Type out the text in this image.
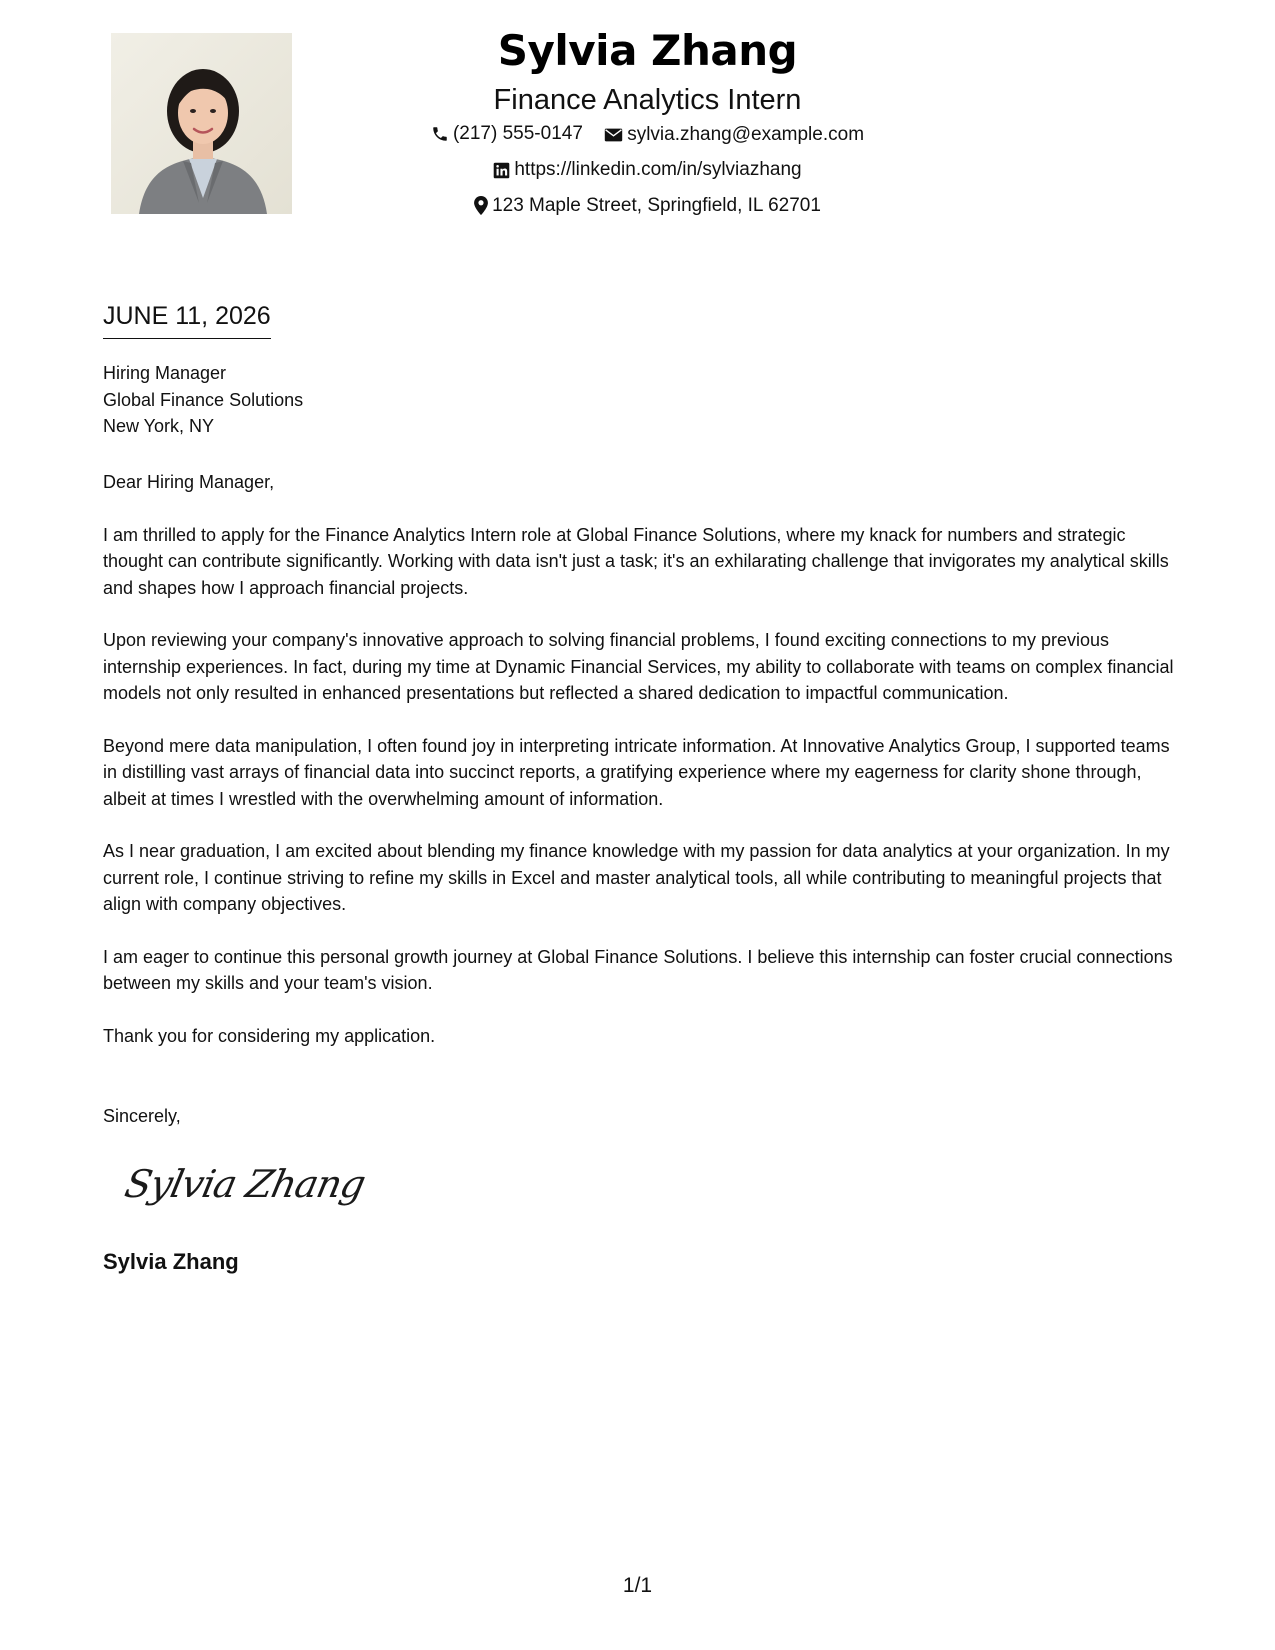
Sylvia Zhang
Finance Analytics Intern
(217) 555-0147
sylvia.zhang@example.com
https://linkedin.com/in/sylviazhang
123 Maple Street, Springfield, IL 62701
JUNE 11, 2026
Hiring Manager
Global Finance Solutions
New York, NY

Dear Hiring Manager,

I am thrilled to apply for the Finance Analytics Intern role at Global Finance Solutions, where my knack for numbers and strategic thought can contribute significantly. Working with data isn't just a task; it's an exhilarating challenge that invigorates my analytical skills and shapes how I approach financial projects.

Upon reviewing your company's innovative approach to solving financial problems, I found exciting connections to my previous internship experiences. In fact, during my time at Dynamic Financial Services, my ability to collaborate with teams on complex financial models not only resulted in enhanced presentations but reflected a shared dedication to impactful communication.

Beyond mere data manipulation, I often found joy in interpreting intricate information. At Innovative Analytics Group, I supported teams in distilling vast arrays of financial data into succinct reports, a gratifying experience where my eagerness for clarity shone through, albeit at times I wrestled with the overwhelming amount of information.

As I near graduation, I am excited about blending my finance knowledge with my passion for data analytics at your organization. In my current role, I continue striving to refine my skills in Excel and master analytical tools, all while contributing to meaningful projects that align with company objectives.

I am eager to continue this personal growth journey at Global Finance Solutions. I believe this internship can foster crucial connections between my skills and your team's vision.

Thank you for considering my application.

Sincerely,
Sylvia Zhang
Sylvia Zhang
1/1
